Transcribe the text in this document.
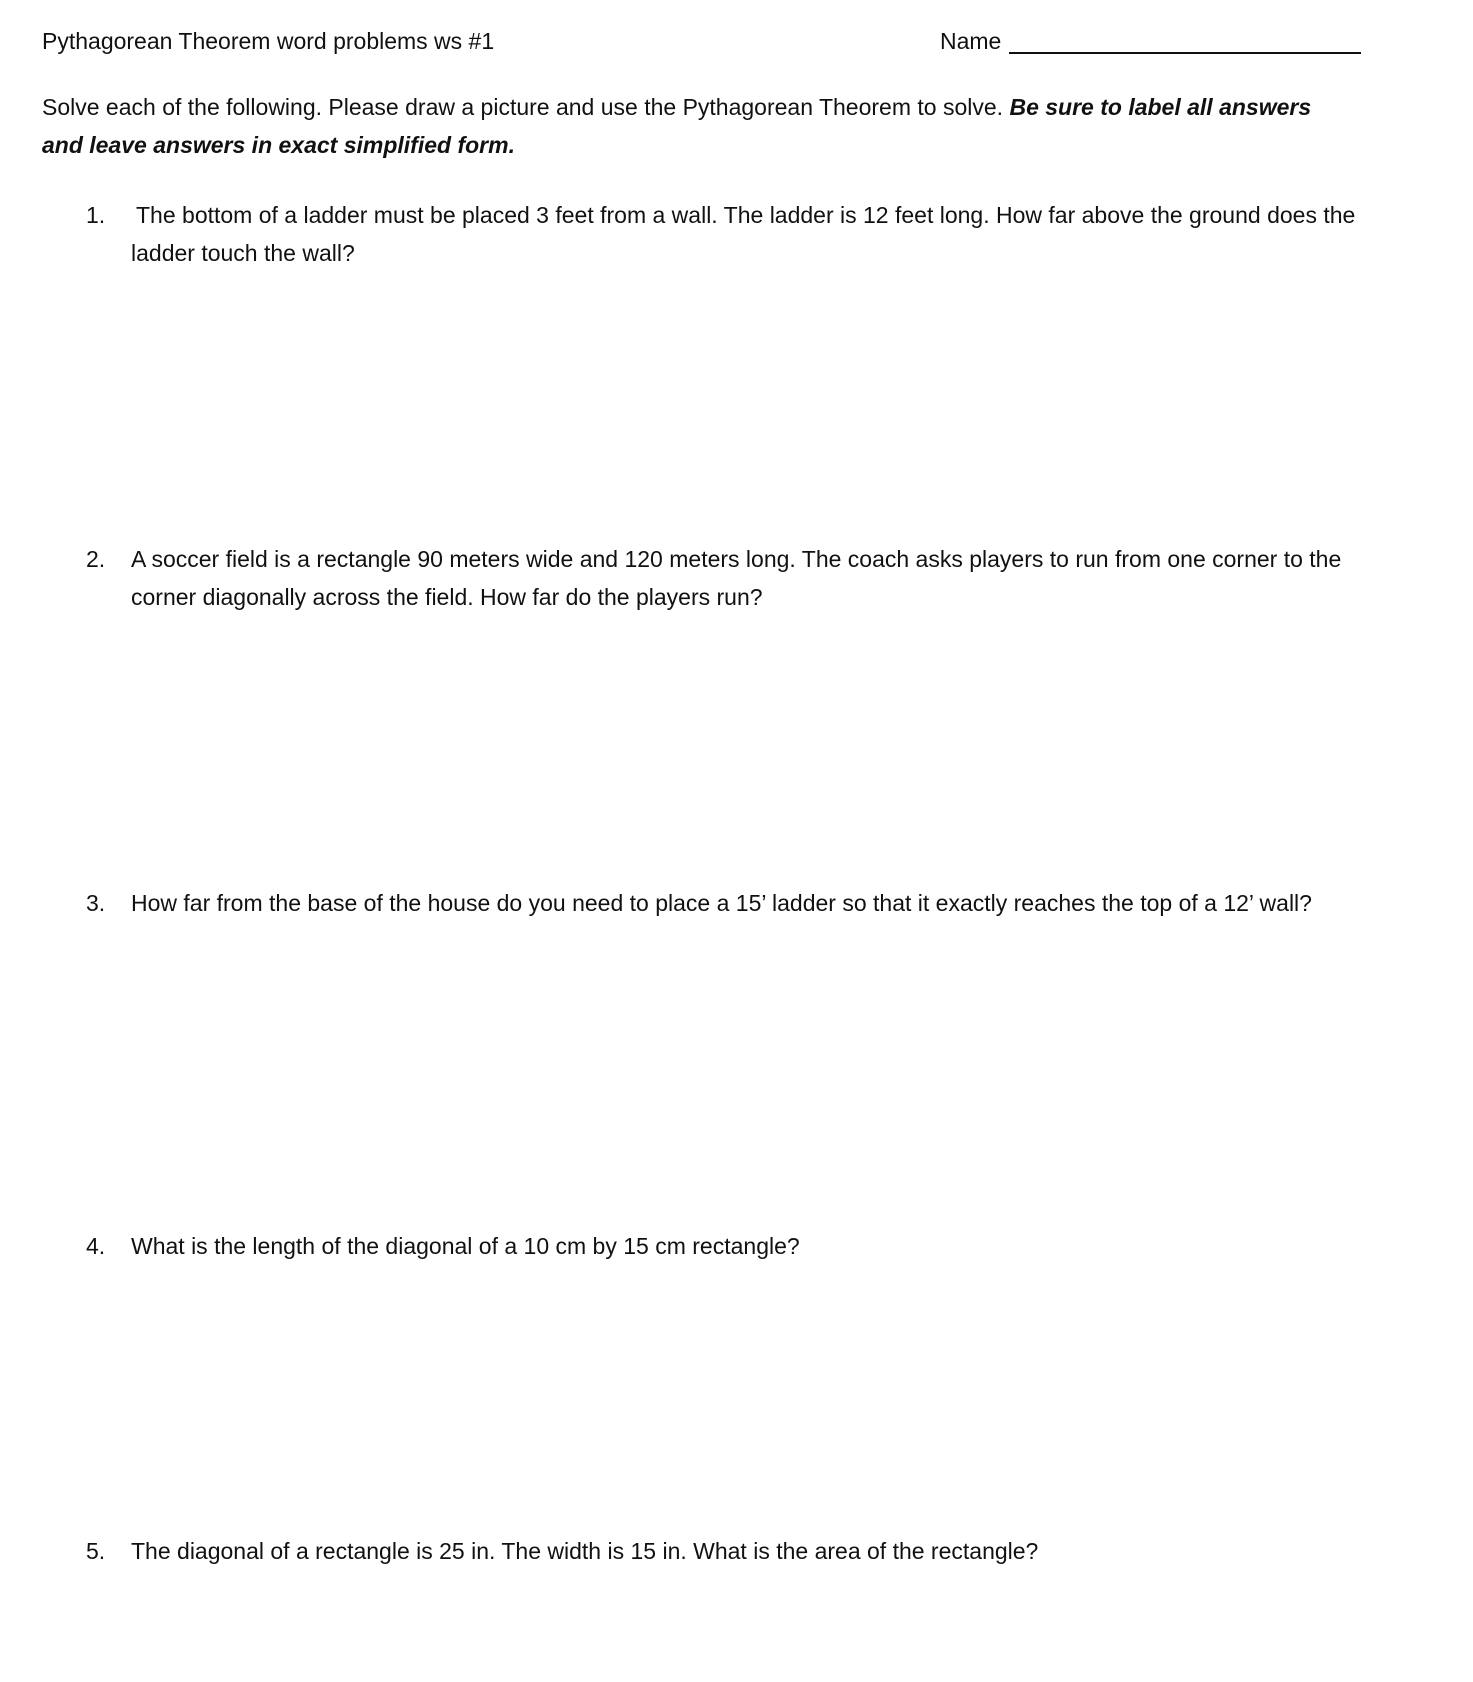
Pythagorean Theorem word problems ws #1	Name
Solve each of the following. Please draw a picture and use the Pythagorean Theorem to solve. Be sure to label all answers and leave answers in exact simplified form.
1.	The bottom of a ladder must be placed 3 feet from a wall. The ladder is 12 feet long. How far above the ground does the ladder touch the wall?
2.	A soccer field is a rectangle 90 meters wide and 120 meters long. The coach asks players to run from one corner to the corner diagonally across the field. How far do the players run?
3.	How far from the base of the house do you need to place a 15’ ladder so that it exactly reaches the top of a 12’ wall?
4.	What is the length of the diagonal of a 10 cm by 15 cm rectangle?
5.	The diagonal of a rectangle is 25 in. The width is 15 in. What is the area of the rectangle?
